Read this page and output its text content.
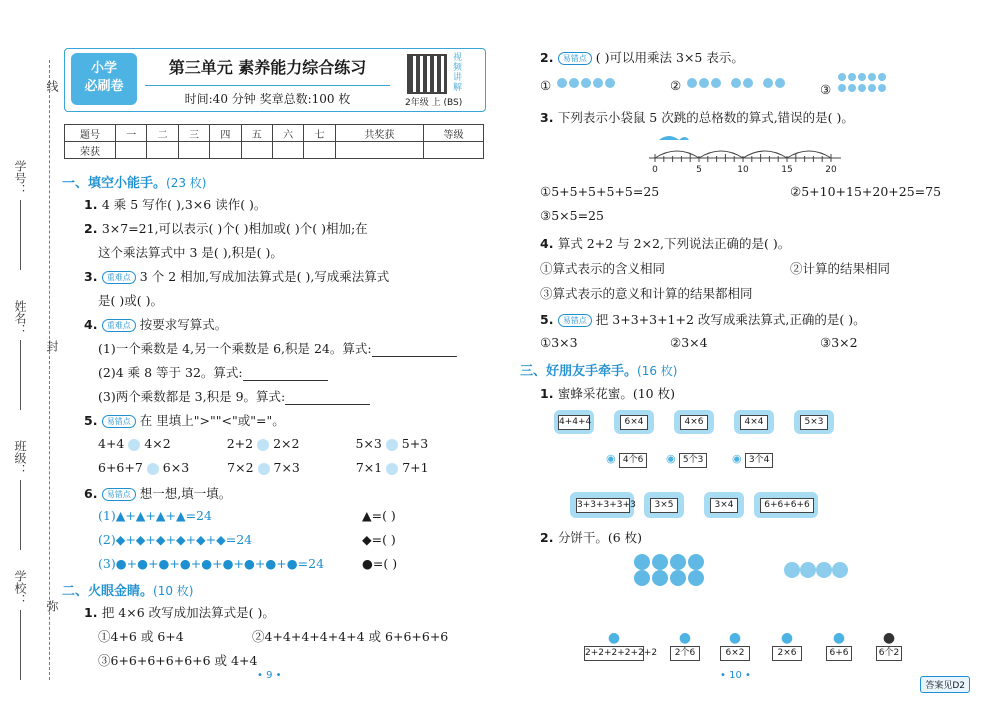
线
封
弥
学号：
姓名：
班级：
学校：
小学
必刷卷
第三单元 素养能力综合练习
时间:40 分钟 奖章总数:100 枚
视频讲解
2年级 上 (BS)
题号	一	二	三	四	五	六	七	共奖获	等级
荣获									
一、填空小能手。(23 枚)
1. 4 乘 5 写作( ),3×6 读作( )。
2. 3×7=21,可以表示( )个( )相加或( )个( )相加;在
这个乘法算式中 3 是( ),积是( )。
3. 重难点 3 个 2 相加,写成加法算式是( ),写成乘法算式
是( )或( )。
4. 重难点 按要求写算式。
(1)一个乘数是 4,另一个乘数是 6,积是 24。算式:
(2)4 乘 8 等于 32。算式:
(3)两个乘数都是 3,积是 9。算式:
5. 易错点 在 里填上">""<"或"="。
4+4 4×2	2+2 2×2	5×3 5+3
6+6+7 6×3	7×2 7×3	7×1 7+1
6. 易错点 想一想,填一填。
(1)▲+▲+▲+▲=24	▲=( )
(2)◆+◆+◆+◆+◆+◆=24	◆=( )
(3)●+●+●+●+●+●+●+●+●=24	●=( )
二、火眼金睛。(10 枚)
1. 把 4×6 改写成加法算式是( )。
①4+6 或 6+4	②4+4+4+4+4+4 或 6+6+6+6
③6+6+6+6+6+6 或 4+4
• 9 •
2. 易错点 ( )可以用乘法 3×5 表示。
①	②	③
3. 下列表示小袋鼠 5 次跳的总格数的算式,错误的是( )。
0	5	10	15	20
①5+5+5+5+5=25	②5+10+15+20+25=75
③5×5=25
4. 算式 2+2 与 2×2,下列说法正确的是( )。
①算式表示的含义相同	②计算的结果相同
③算式表示的意义和计算的结果都相同
5. 易错点 把 3+3+3+1+2 改写成乘法算式,正确的是( )。
①3×3	②3×4	③3×2
三、好朋友手牵手。(16 枚)
1. 蜜蜂采花蜜。(10 枚)
4+4+4	6×4	4×6	4×4	5×3
◉ 4个6	◉ 5个3	◉ 3个4
3+3+3+3+3	3×5	3×4	6+6+6+6
2. 分饼干。(6 枚)
●
2+2+2+2+2+2
●
2个6
●
6×2
●
2×6
●
6+6
●
6个2
• 10 •
答案见D2
